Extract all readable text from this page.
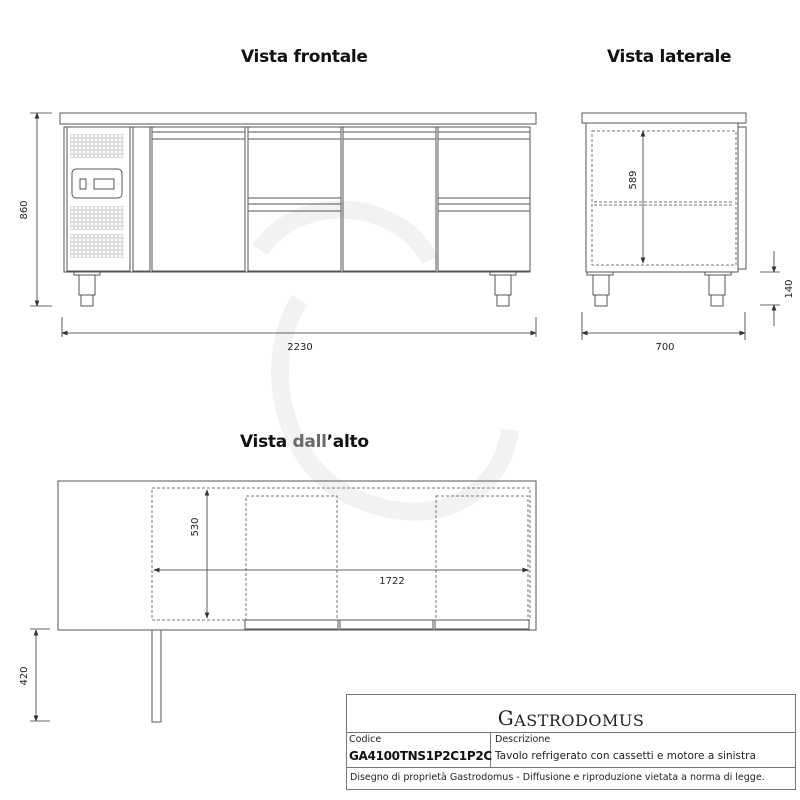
Vista frontale	Vista laterale
Vista dall’alto
860
2230
589
140
700
530
1722
420
G ASTRODOMUS
Codice
GA4100TNS1P2C1P2C
Descrizione
Tavolo refrigerato con cassetti e motore a sinistra
Disegno di proprietà Gastrodomus - Diffusione e riproduzione vietata a norma di legge.
